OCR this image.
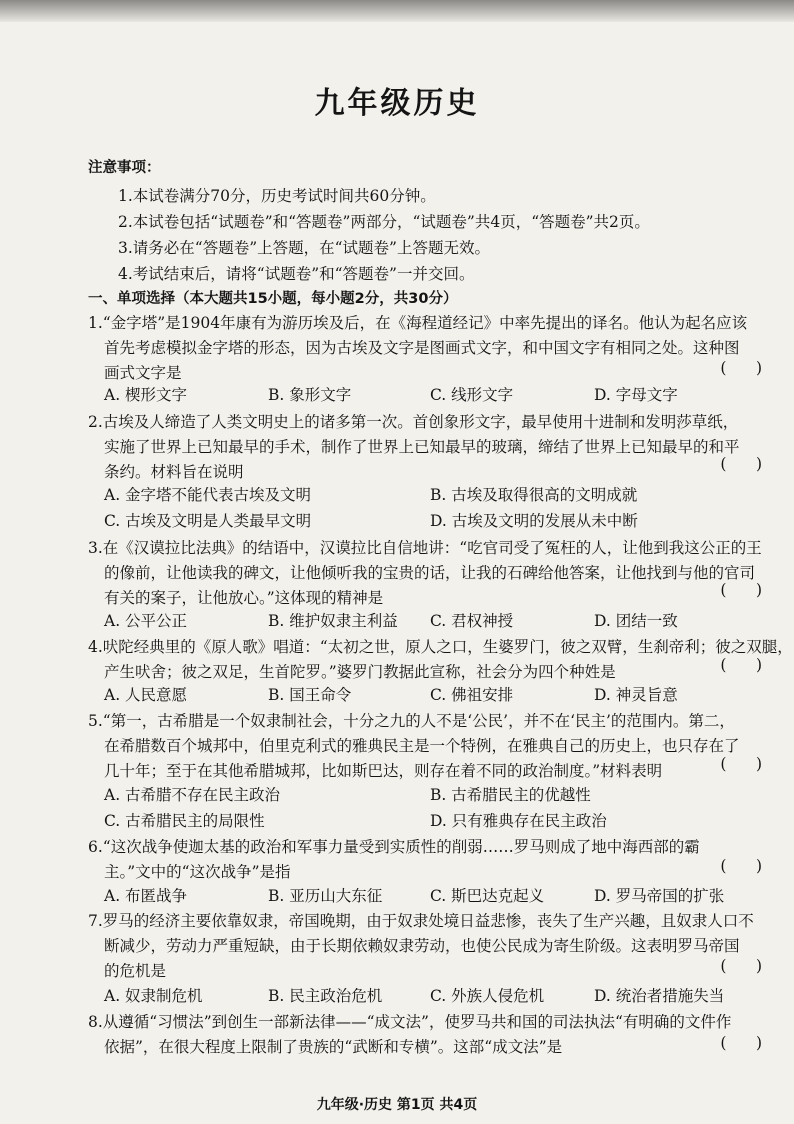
九年级历史
注意事项：
1.本试卷满分70分，历史考试时间共60分钟。
2.本试卷包括“试题卷”和“答题卷”两部分，“试题卷”共4页，“答题卷”共2页。
3.请务必在“答题卷”上答题，在“试题卷”上答题无效。
4.考试结束后，请将“试题卷”和“答题卷”一并交回。
一、单项选择（本大题共15小题，每小题2分，共30分）
1.“金字塔”是1904年康有为游历埃及后，在《海程道经记》中率先提出的译名。他认为起名应该
首先考虑模拟金字塔的形态，因为古埃及文字是图画式文字，和中国文字有相同之处。这种图
画式文字是	(      )
A. 楔形文字	B. 象形文字	C. 线形文字	D. 字母文字
2.古埃及人缔造了人类文明史上的诸多第一次。首创象形文字，最早使用十进制和发明莎草纸，
实施了世界上已知最早的手术，制作了世界上已知最早的玻璃，缔结了世界上已知最早的和平
条约。材料旨在说明	(      )
A. 金字塔不能代表古埃及文明	B. 古埃及取得很高的文明成就
C. 古埃及文明是人类最早文明	D. 古埃及文明的发展从未中断
3.在《汉谟拉比法典》的结语中，汉谟拉比自信地讲：“吃官司受了冤枉的人，让他到我这公正的王
的像前，让他读我的碑文，让他倾听我的宝贵的话，让我的石碑给他答案，让他找到与他的官司
有关的案子，让他放心。”这体现的精神是	(      )
A. 公平公正	B. 维护奴隶主利益 C. 君权神授	D. 团结一致
4.吠陀经典里的《原人歌》唱道：“太初之世，原人之口，生婆罗门，彼之双臂，生刹帝利；彼之双腿，
产生吠舍；彼之双足，生首陀罗。”婆罗门教据此宣称，社会分为四个种姓是	(      )
A. 人民意愿	B. 国王命令	C. 佛祖安排	D. 神灵旨意
5.“第一，古希腊是一个奴隶制社会，十分之九的人不是‘公民’，并不在‘民主’的范围内。第二，
在希腊数百个城邦中，伯里克利式的雅典民主是一个特例，在雅典自己的历史上，也只存在了
几十年；至于在其他希腊城邦，比如斯巴达，则存在着不同的政治制度。”材料表明	(      )
A. 古希腊不存在民主政治	B. 古希腊民主的优越性
C. 古希腊民主的局限性	D. 只有雅典存在民主政治
6.“这次战争使迦太基的政治和军事力量受到实质性的削弱……罗马则成了地中海西部的霸
主。”文中的“这次战争”是指	(      )
A. 布匿战争	B. 亚历山大东征	C. 斯巴达克起义	D. 罗马帝国的扩张
7.罗马的经济主要依靠奴隶，帝国晚期，由于奴隶处境日益悲惨，丧失了生产兴趣，且奴隶人口不
断减少，劳动力严重短缺，由于长期依赖奴隶劳动，也使公民成为寄生阶级。这表明罗马帝国
的危机是	(      )
A. 奴隶制危机	B. 民主政治危机	C. 外族人侵危机	D. 统治者措施失当
8.从遵循“习惯法”到创生一部新法律——“成文法”，使罗马共和国的司法执法“有明确的文件作
依据”，在很大程度上限制了贵族的“武断和专横”。这部“成文法”是	(      )
九年级·历史 第1页 共4页
